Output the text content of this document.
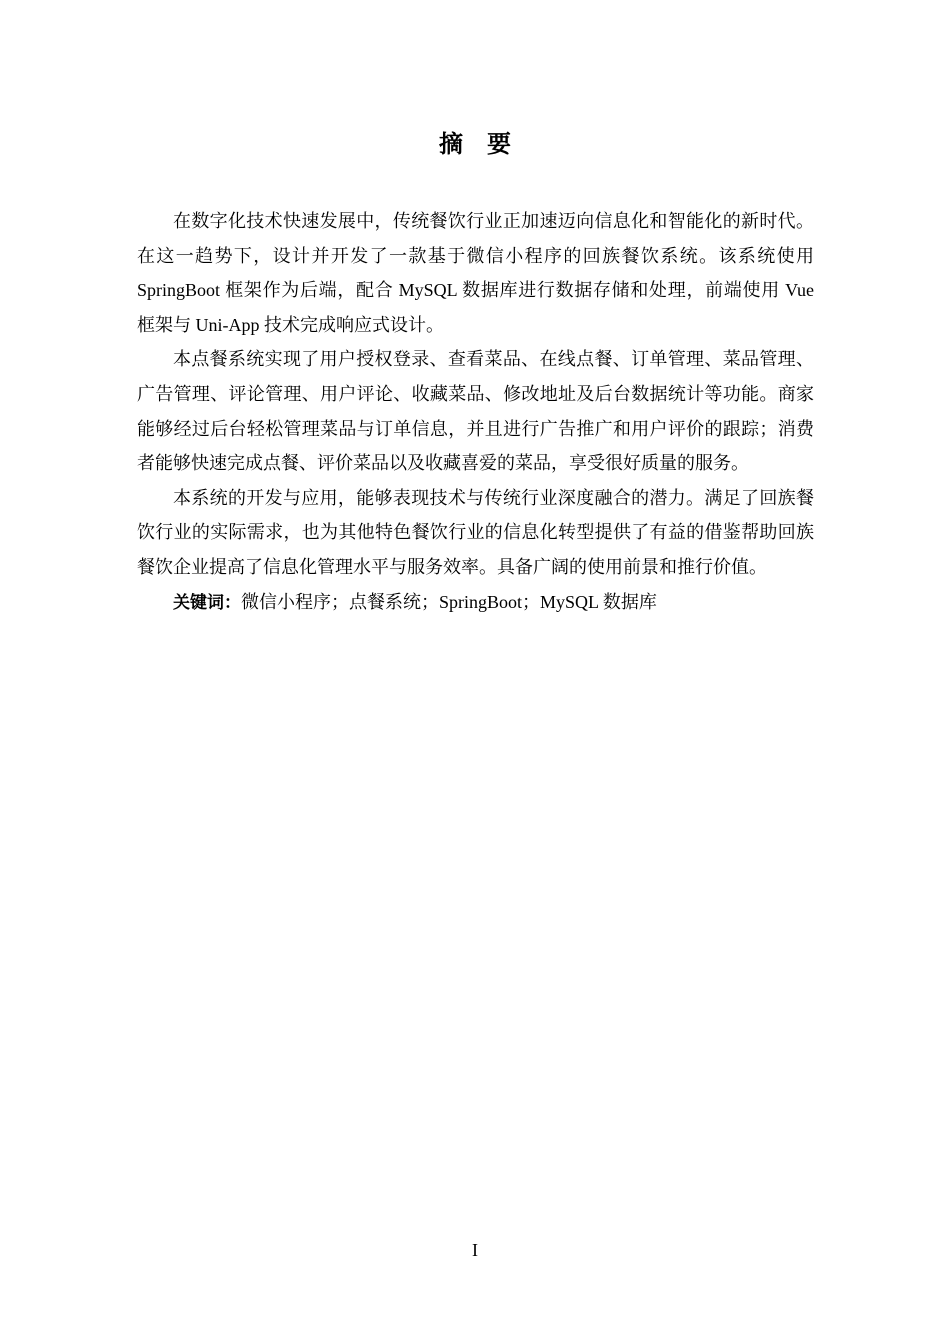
摘要

在数字化技术快速发展中，传统餐饮行业正加速迈向信息化和智能化的新时代。在这一趋势下，设计并开发了一款基于微信小程序的回族餐饮系统。该系统使用 SpringBoot 框架作为后端，配合 MySQL 数据库进行数据存储和处理，前端使用 Vue 框架与 Uni-App 技术完成响应式设计。

本点餐系统实现了用户授权登录、查看菜品、在线点餐、订单管理、菜品管理、广告管理、评论管理、用户评论、收藏菜品、修改地址及后台数据统计等功能。商家能够经过后台轻松管理菜品与订单信息，并且进行广告推广和用户评价的跟踪；消费者能够快速完成点餐、评价菜品以及收藏喜爱的菜品，享受很好质量的服务。

本系统的开发与应用，能够表现技术与传统行业深度融合的潜力。满足了回族餐饮行业的实际需求，也为其他特色餐饮行业的信息化转型提供了有益的借鉴帮助回族餐饮企业提高了信息化管理水平与服务效率。具备广阔的使用前景和推行价值。

关键词：微信小程序；点餐系统；SpringBoot；MySQL 数据库

I
